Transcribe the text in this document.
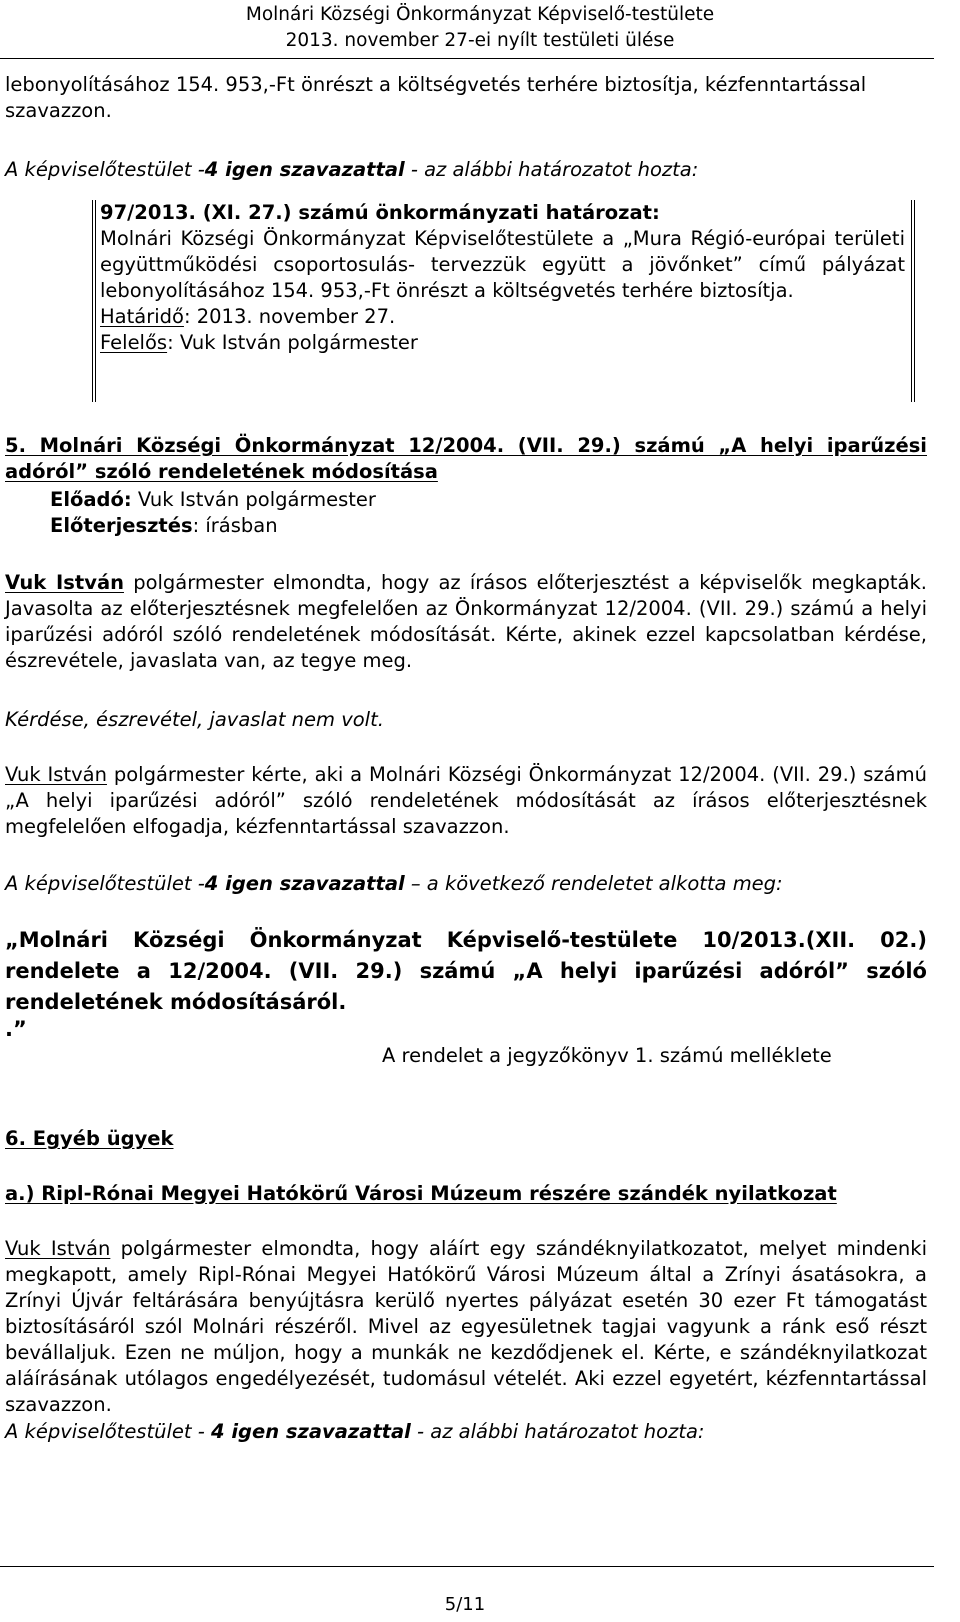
Molnári Községi Önkormányzat Képviselő-testülete
2013. november 27-ei nyílt testületi ülése

lebonyolításához 154. 953,-Ft önrészt a költségvetés terhére biztosítja, kézfenntartással
szavazzon.

A képviselőtestület -4 igen szavazattal - az alábbi határozatot hozta:

97/2013. (XI. 27.) számú önkormányzati határozat:

Molnári Községi Önkormányzat Képviselőtestülete a „Mura Régió-európai területi együttműködési csoportosulás- tervezzük együtt a jövőnket” című pályázat lebonyolításához 154. 953,-Ft önrészt a költségvetés terhére biztosítja.

Határidő: 2013. november 27.

Felelős: Vuk István polgármester

5. Molnári Községi Önkormányzat 12/2004. (VII. 29.) számú „A helyi iparűzési adóról” szóló rendeletének módosítása

Előadó: Vuk István polgármester
Előterjesztés: írásban

Vuk István polgármester elmondta, hogy az írásos előterjesztést a képviselők megkapták. Javasolta az előterjesztésnek megfelelően az Önkormányzat 12/2004. (VII. 29.) számú a helyi iparűzési adóról szóló rendeletének módosítását. Kérte, akinek ezzel kapcsolatban kérdése, észrevétele, javaslata van, az tegye meg.

Kérdése, észrevétel, javaslat nem volt.

Vuk István polgármester kérte, aki a Molnári Községi Önkormányzat 12/2004. (VII. 29.) számú „A helyi iparűzési adóról” szóló rendeletének módosítását az írásos előterjesztésnek megfelelően elfogadja, kézfenntartással szavazzon.

A képviselőtestület -4 igen szavazattal – a következő rendeletet alkotta meg:

„Molnári Községi Önkormányzat Képviselő-testülete 10/2013.(XII. 02.)
rendelete a 12/2004. (VII. 29.) számú „A helyi iparűzési adóról” szóló
rendeletének módosításáról.
.”

A rendelet a jegyzőkönyv 1. számú melléklete

6. Egyéb ügyek

a.) Ripl-Rónai Megyei Hatókörű Városi Múzeum részére szándék nyilatkozat

Vuk István polgármester elmondta, hogy aláírt egy szándéknyilatkozatot, melyet mindenki megkapott, amely Ripl-Rónai Megyei Hatókörű Városi Múzeum által a Zrínyi ásatásokra, a Zrínyi Újvár feltárására benyújtásra kerülő nyertes pályázat esetén 30 ezer Ft támogatást biztosításáról szól Molnári részéről. Mivel az egyesületnek tagjai vagyunk a ránk eső részt bevállaljuk. Ezen ne múljon, hogy a munkák ne kezdődjenek el. Kérte, e szándéknyilatkozat aláírásának utólagos engedélyezését, tudomásul vételét. Aki ezzel egyetért, kézfenntartással szavazzon.

A képviselőtestület - 4 igen szavazattal - az alábbi határozatot hozta:

5/11
